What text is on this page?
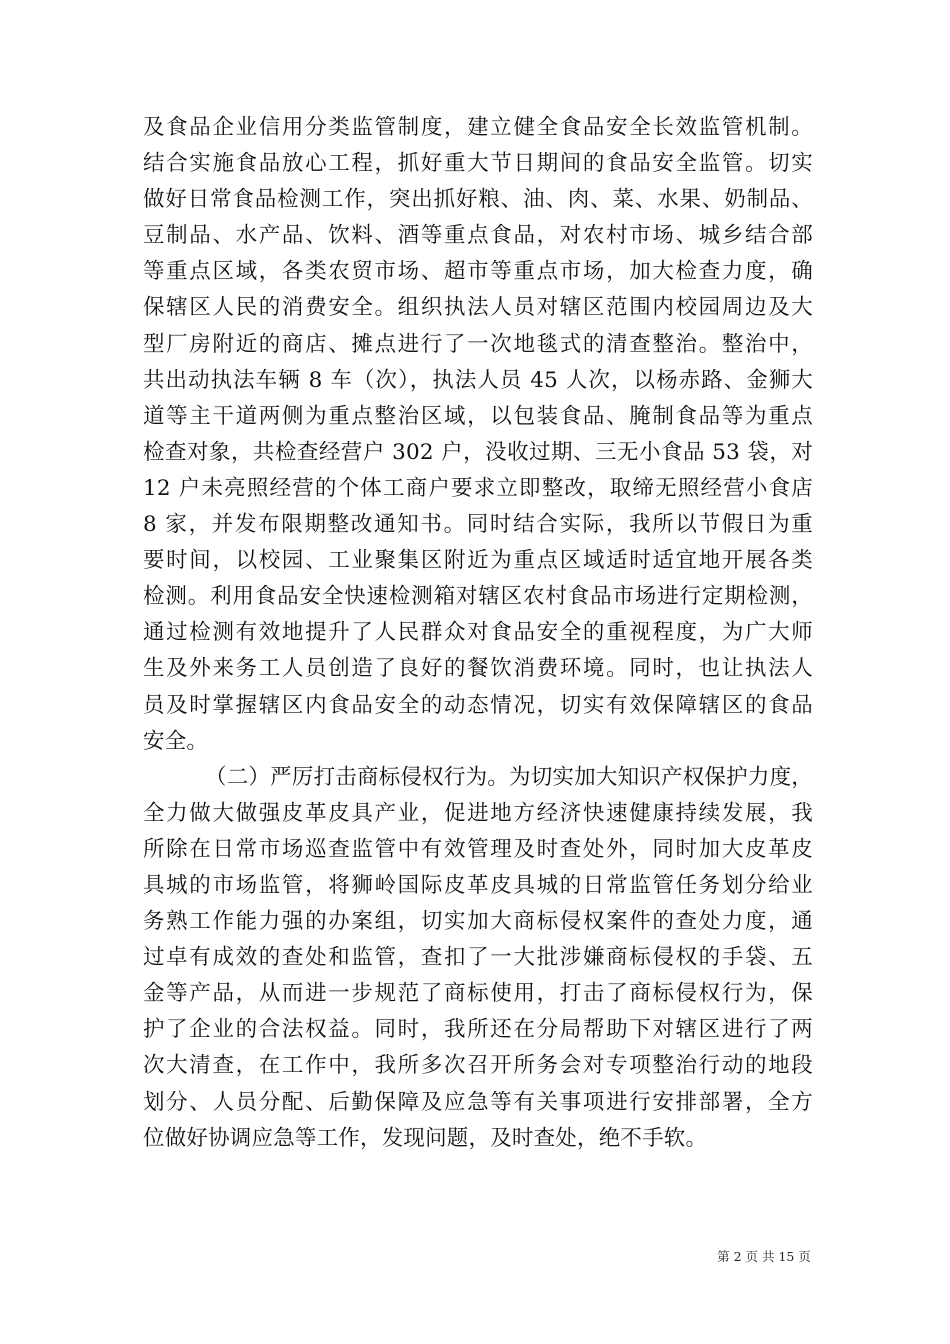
及食品企业信用分类监管制度，建立健全食品安全长效监管机制。
结合实施食品放心工程，抓好重大节日期间的食品安全监管。切实
做好日常食品检测工作，突出抓好粮、油、肉、菜、水果、奶制品、
豆制品、水产品、饮料、酒等重点食品，对农村市场、城乡结合部
等重点区域，各类农贸市场、超市等重点市场，加大检查力度，确
保辖区人民的消费安全。组织执法人员对辖区范围内校园周边及大
型厂房附近的商店、摊点进行了一次地毯式的清查整治。整治中，
共出动执法车辆 8 车（次），执法人员 45 人次，以杨赤路、金狮大
道等主干道两侧为重点整治区域，以包装食品、腌制食品等为重点
检查对象，共检查经营户 302 户，没收过期、三无小食品 53 袋，对
12 户未亮照经营的个体工商户要求立即整改，取缔无照经营小食店
8 家，并发布限期整改通知书。同时结合实际，我所以节假日为重
要时间，以校园、工业聚集区附近为重点区域适时适宜地开展各类
检测。利用食品安全快速检测箱对辖区农村食品市场进行定期检测，
通过检测有效地提升了人民群众对食品安全的重视程度，为广大师
生及外来务工人员创造了良好的餐饮消费环境。同时，也让执法人
员及时掌握辖区内食品安全的动态情况，切实有效保障辖区的食品
安全。
（二）严厉打击商标侵权行为。为切实加大知识产权保护力度，
全力做大做强皮革皮具产业，促进地方经济快速健康持续发展，我
所除在日常市场巡查监管中有效管理及时查处外，同时加大皮革皮
具城的市场监管，将狮岭国际皮革皮具城的日常监管任务划分给业
务熟工作能力强的办案组，切实加大商标侵权案件的查处力度，通
过卓有成效的查处和监管，查扣了一大批涉嫌商标侵权的手袋、五
金等产品，从而进一步规范了商标使用，打击了商标侵权行为，保
护了企业的合法权益。同时，我所还在分局帮助下对辖区进行了两
次大清查，在工作中，我所多次召开所务会对专项整治行动的地段
划分、人员分配、后勤保障及应急等有关事项进行安排部署，全方
位做好协调应急等工作，发现问题，及时查处，绝不手软。
第 2 页 共 15 页
